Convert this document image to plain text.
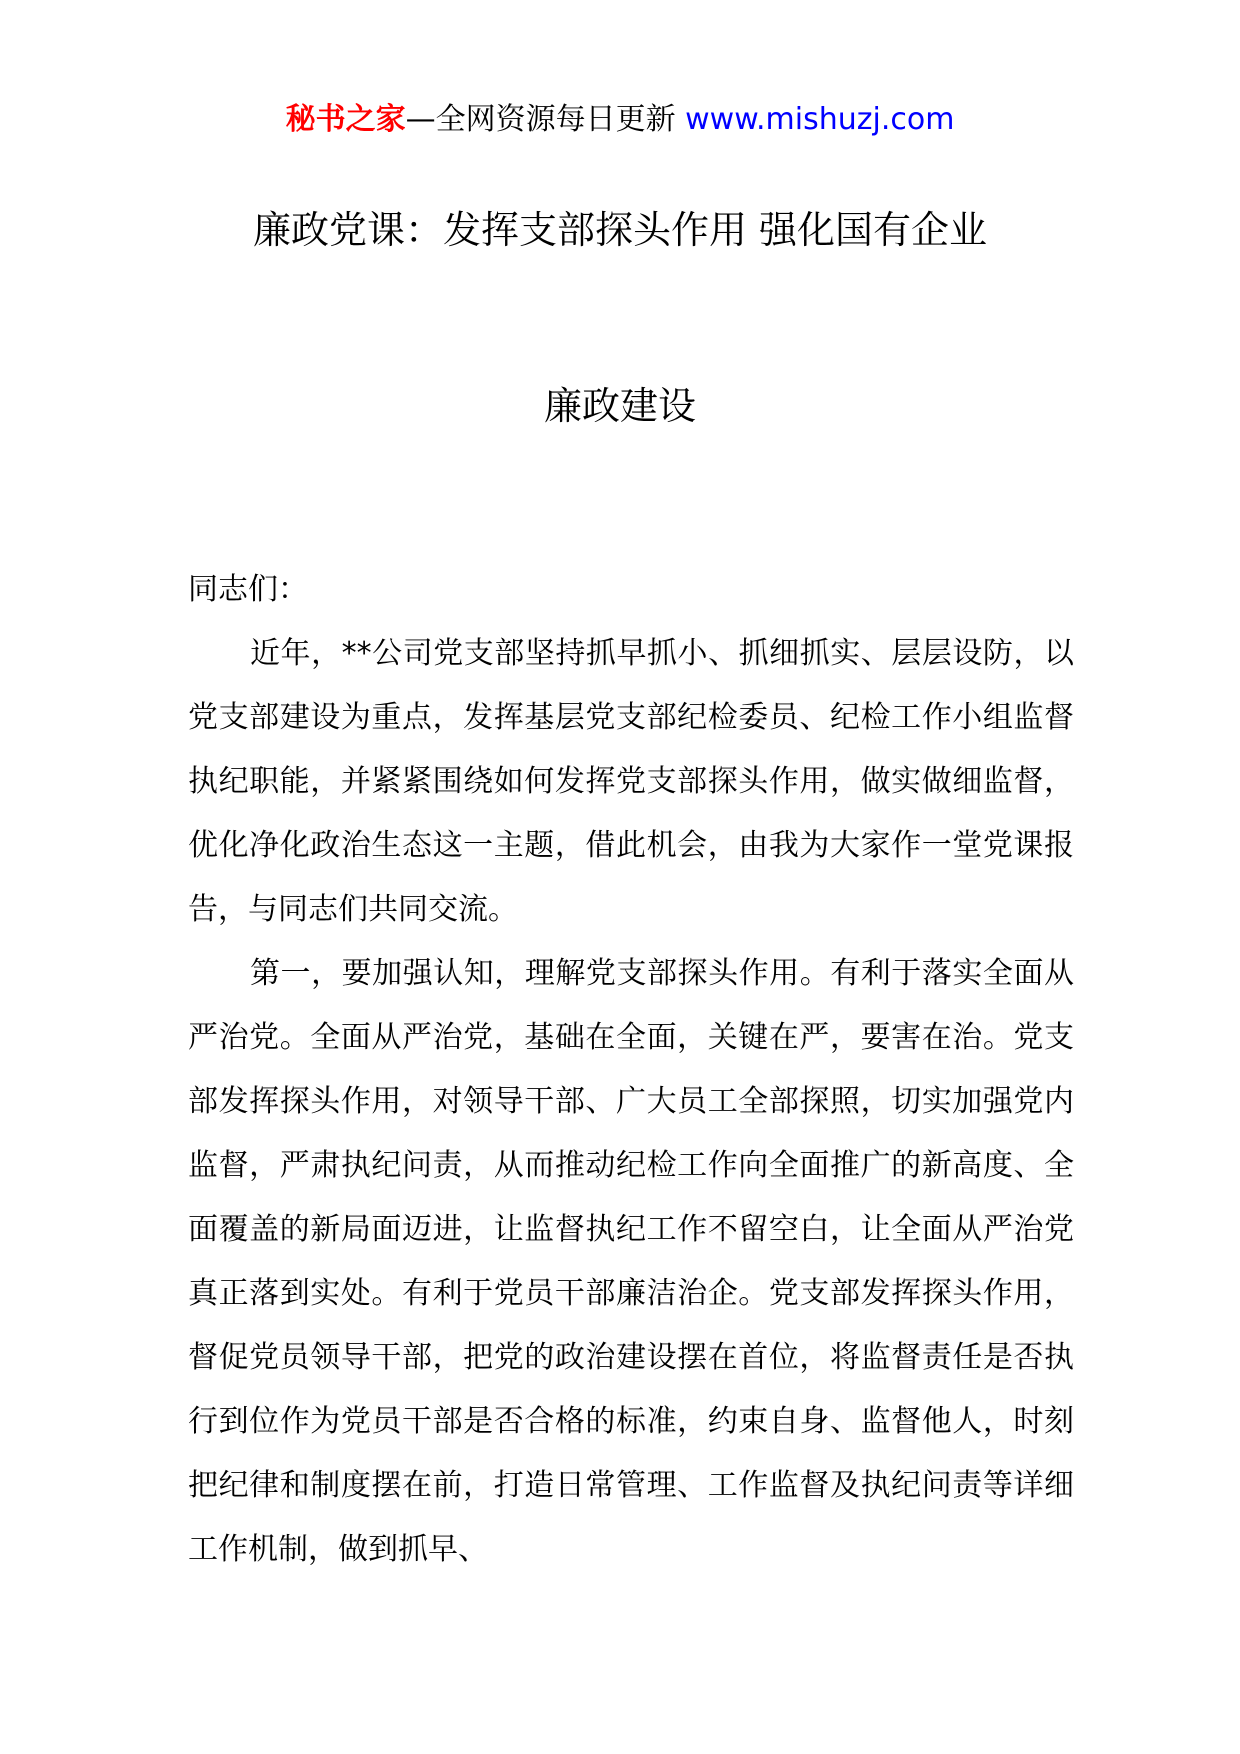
秘书之家—全网资源每日更新 www.mishuzj.com
廉政党课：发挥支部探头作用 强化国有企业
廉政建设

同志们：

近年，**公司党支部坚持抓早抓小、抓细抓实、层层设防，以党支部建设为重点，发挥基层党支部纪检委员、纪检工作小组监督执纪职能，并紧紧围绕如何发挥党支部探头作用，做实做细监督，优化净化政治生态这一主题，借此机会，由我为大家作一堂党课报告，与同志们共同交流。

第一，要加强认知，理解党支部探头作用。有利于落实全面从严治党。全面从严治党，基础在全面，关键在严，要害在治。党支部发挥探头作用，对领导干部、广大员工全部探照，切实加强党内监督，严肃执纪问责，从而推动纪检工作向全面推广的新高度、全面覆盖的新局面迈进，让监督执纪工作不留空白，让全面从严治党真正落到实处。有利于党员干部廉洁治企。党支部发挥探头作用，督促党员领导干部，把党的政治建设摆在首位，将监督责任是否执行到位作为党员干部是否合格的标准，约束自身、监督他人，时刻把纪律和制度摆在前，打造日常管理、工作监督及执纪问责等详细工作机制，做到抓早、
